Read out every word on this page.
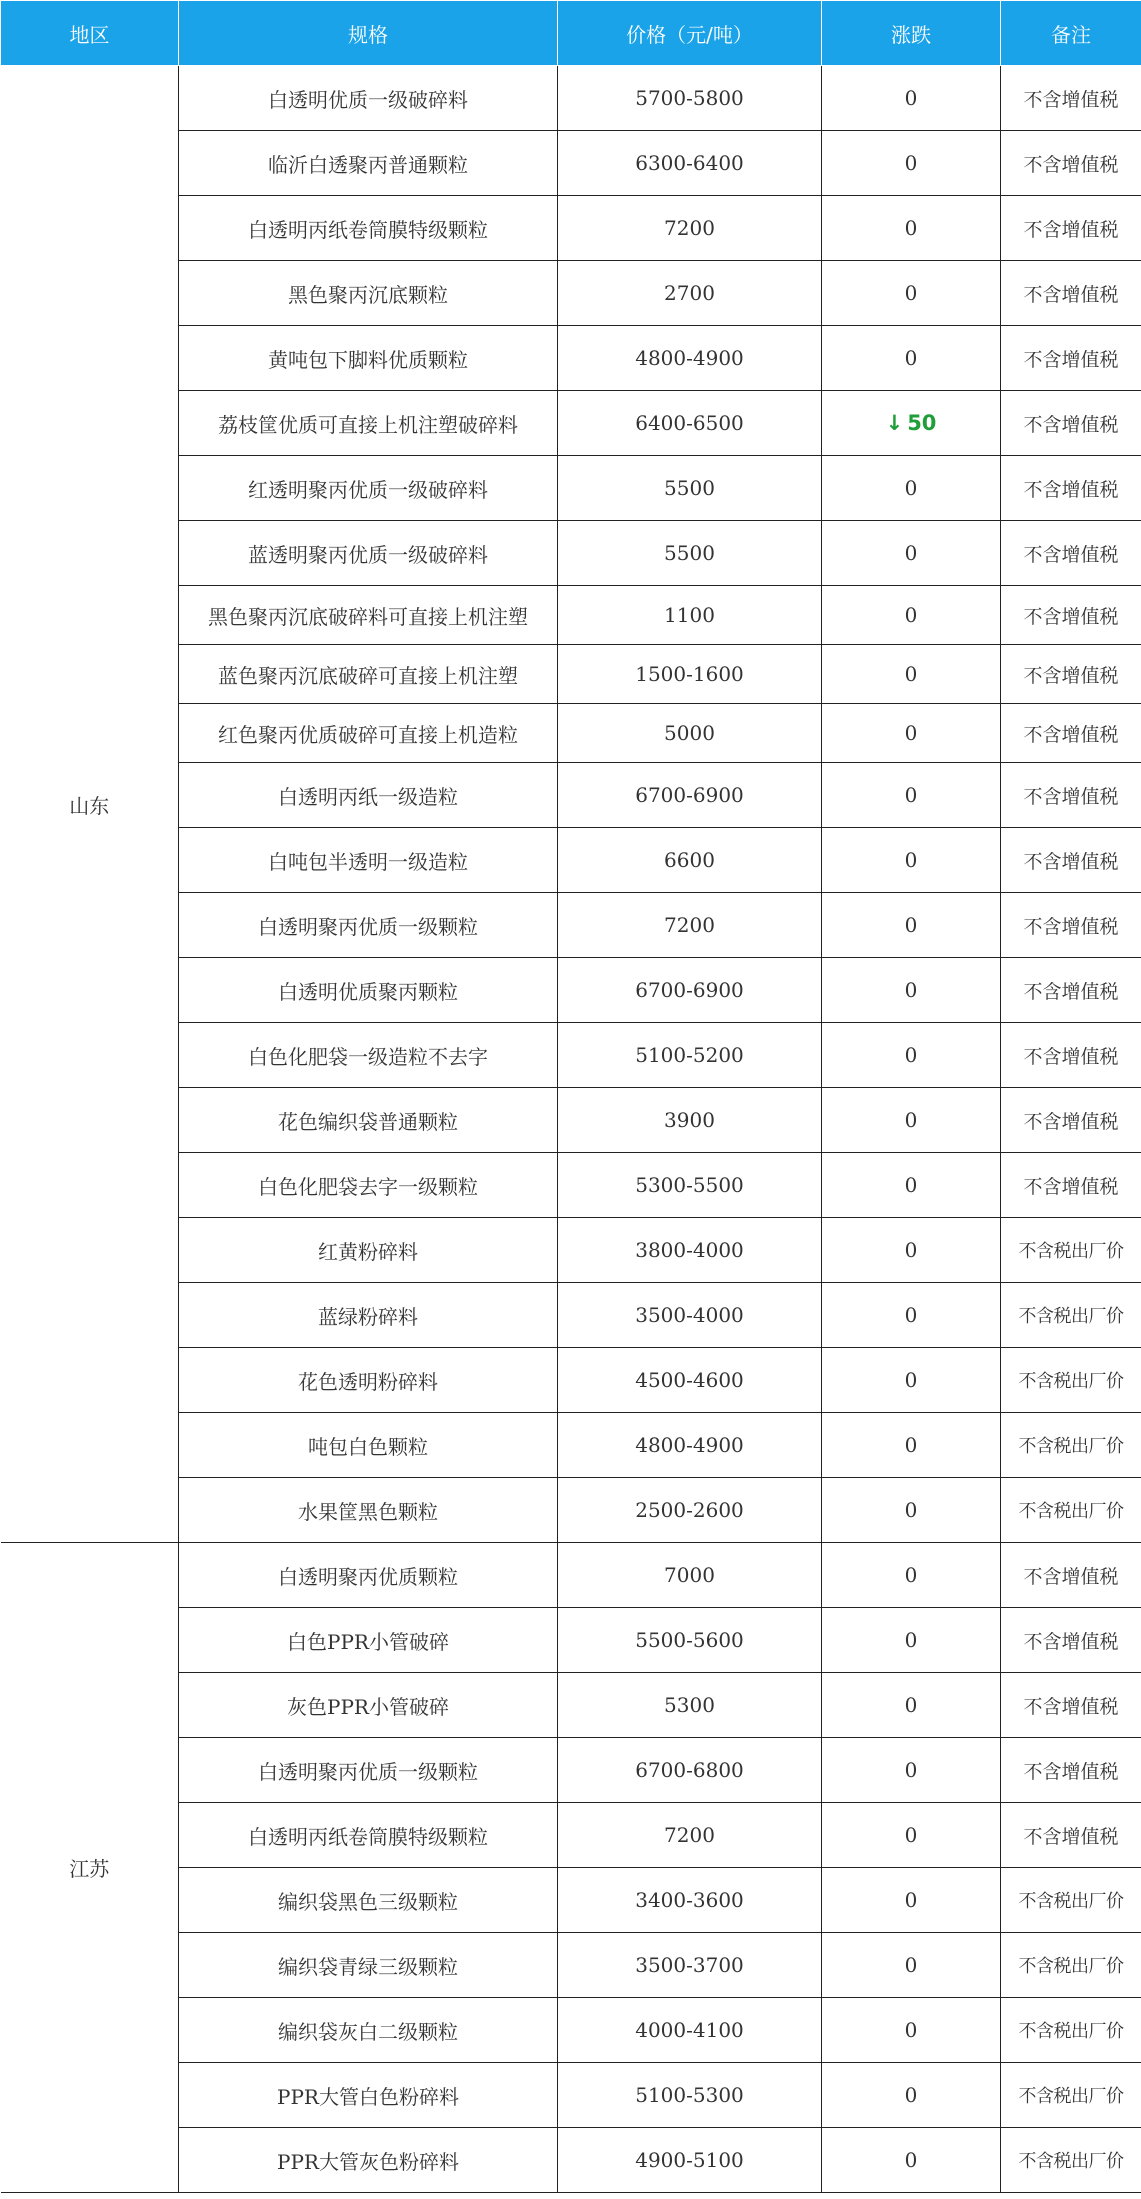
地区	规格	价格（元/吨）	涨跌	备注
山东	白透明优质一级破碎料	5700-5800	0	不含增值税
	临沂白透聚丙普通颗粒	6300-6400	0	不含增值税
	白透明丙纸卷筒膜特级颗粒	7200	0	不含增值税
	黑色聚丙沉底颗粒	2700	0	不含增值税
	黄吨包下脚料优质颗粒	4800-4900	0	不含增值税
	荔枝筐优质可直接上机注塑破碎料	6400-6500	↓ 50	不含增值税
	红透明聚丙优质一级破碎料	5500	0	不含增值税
	蓝透明聚丙优质一级破碎料	5500	0	不含增值税
	黑色聚丙沉底破碎料可直接上机注塑	1100	0	不含增值税
	蓝色聚丙沉底破碎可直接上机注塑	1500-1600	0	不含增值税
	红色聚丙优质破碎可直接上机造粒	5000	0	不含增值税
	白透明丙纸一级造粒	6700-6900	0	不含增值税
	白吨包半透明一级造粒	6600	0	不含增值税
	白透明聚丙优质一级颗粒	7200	0	不含增值税
	白透明优质聚丙颗粒	6700-6900	0	不含增值税
	白色化肥袋一级造粒不去字	5100-5200	0	不含增值税
	花色编织袋普通颗粒	3900	0	不含增值税
	白色化肥袋去字一级颗粒	5300-5500	0	不含增值税
	红黄粉碎料	3800-4000	0	不含税出厂价
	蓝绿粉碎料	3500-4000	0	不含税出厂价
	花色透明粉碎料	4500-4600	0	不含税出厂价
	吨包白色颗粒	4800-4900	0	不含税出厂价
	水果筐黑色颗粒	2500-2600	0	不含税出厂价
江苏	白透明聚丙优质颗粒	7000	0	不含增值税
	白色PPR小管破碎	5500-5600	0	不含增值税
	灰色PPR小管破碎	5300	0	不含增值税
	白透明聚丙优质一级颗粒	6700-6800	0	不含增值税
	白透明丙纸卷筒膜特级颗粒	7200	0	不含增值税
	编织袋黑色三级颗粒	3400-3600	0	不含税出厂价
	编织袋青绿三级颗粒	3500-3700	0	不含税出厂价
	编织袋灰白二级颗粒	4000-4100	0	不含税出厂价
	PPR大管白色粉碎料	5100-5300	0	不含税出厂价
	PPR大管灰色粉碎料	4900-5100	0	不含税出厂价
